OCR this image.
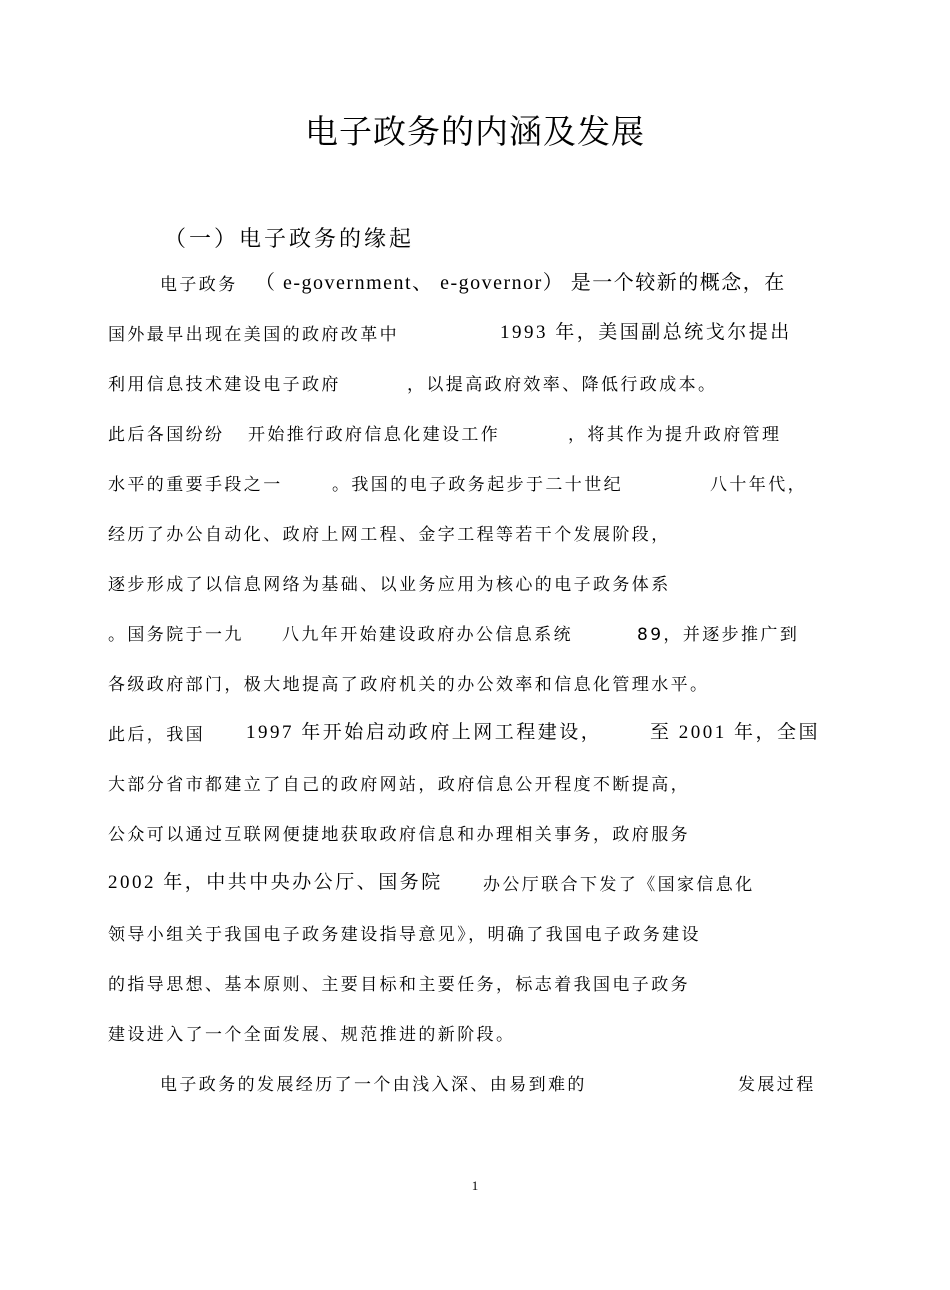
电子政务的内涵及发展
（一）电子政务的缘起
电子政务 （ e-government、 e-governor） 是一个较新的概念，在
国外最早出现在美国的政府改革中	1993 年，美国副总统戈尔提出
利用信息技术建设电子政府	，以提高政府效率、降低行政成本。
此后各国纷纷 开始推行政府信息化建设工作	，将其作为提升政府管理
水平的重要手段之一	。我国的电子政务起步于二十世纪	八十年代，
经历了办公自动化、政府上网工程、金字工程等若干个发展阶段，
逐步形成了以信息网络为基础、以业务应用为核心的电子政务体系
。国务院于一九 八九年开始建设政府办公信息系统	89，并逐步推广到
各级政府部门，极大地提高了政府机关的办公效率和信息化管理水平。
此后，我国 1997 年开始启动政府上网工程建设，	至 2001 年，全国
大部分省市都建立了自己的政府网站，政府信息公开程度不断提高，
公众可以通过互联网便捷地获取政府信息和办理相关事务，政府服务
2002 年，中共中央办公厅、国务院 办公厅联合下发了《国家信息化
领导小组关于我国电子政务建设指导意见》，明确了我国电子政务建设
的指导思想、基本原则、主要目标和主要任务，标志着我国电子政务
建设进入了一个全面发展、规范推进的新阶段。
电子政务的发展经历了一个由浅入深、由易到难的	发展过程
1
